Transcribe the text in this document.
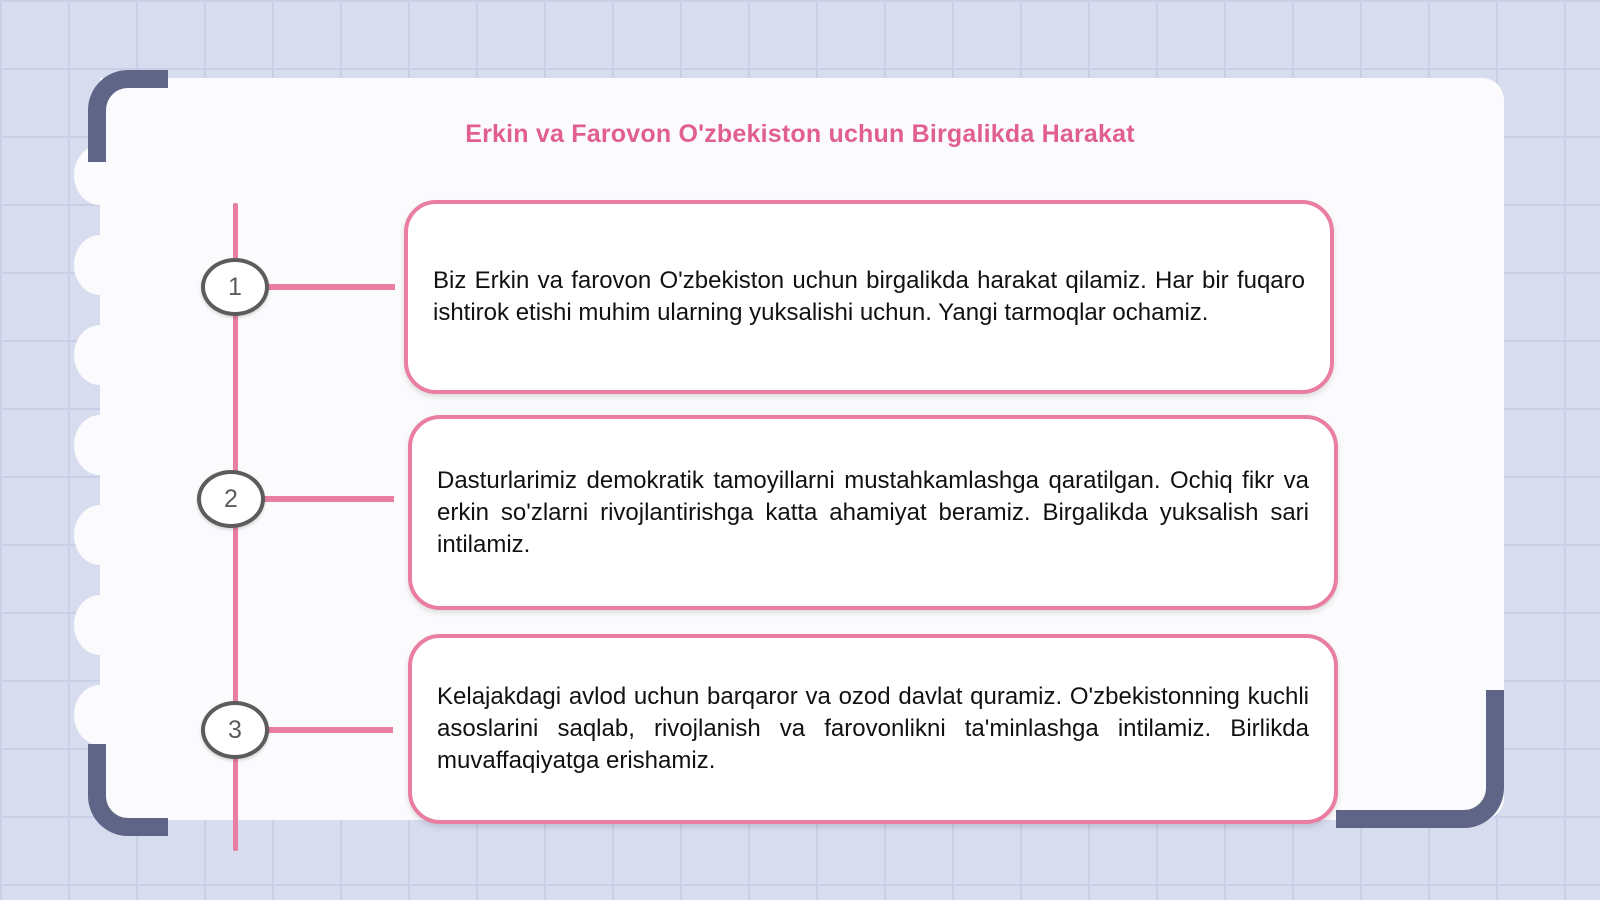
Erkin va Farovon O'zbekiston uchun Birgalikda Harakat
1	Biz Erkin va farovon O'zbekiston uchun birgalikda harakat qilamiz. Har bir fuqaro ishtirok etishi muhim ularning yuksalishi uchun. Yangi tarmoqlar ochamiz.

2

Dasturlarimiz demokratik tamoyillarni mustahkamlashga qaratilgan. Ochiq fikr va erkin so'zlarni rivojlantirishga katta ahamiyat beramiz. Birgalikda yuksalish sari intilamiz.

3

Kelajakdagi avlod uchun barqaror va ozod davlat quramiz. O'zbekistonning kuchli asoslarini saqlab, rivojlanish va farovonlikni ta'minlashga intilamiz. Birlikda muvaffaqiyatga erishamiz.
